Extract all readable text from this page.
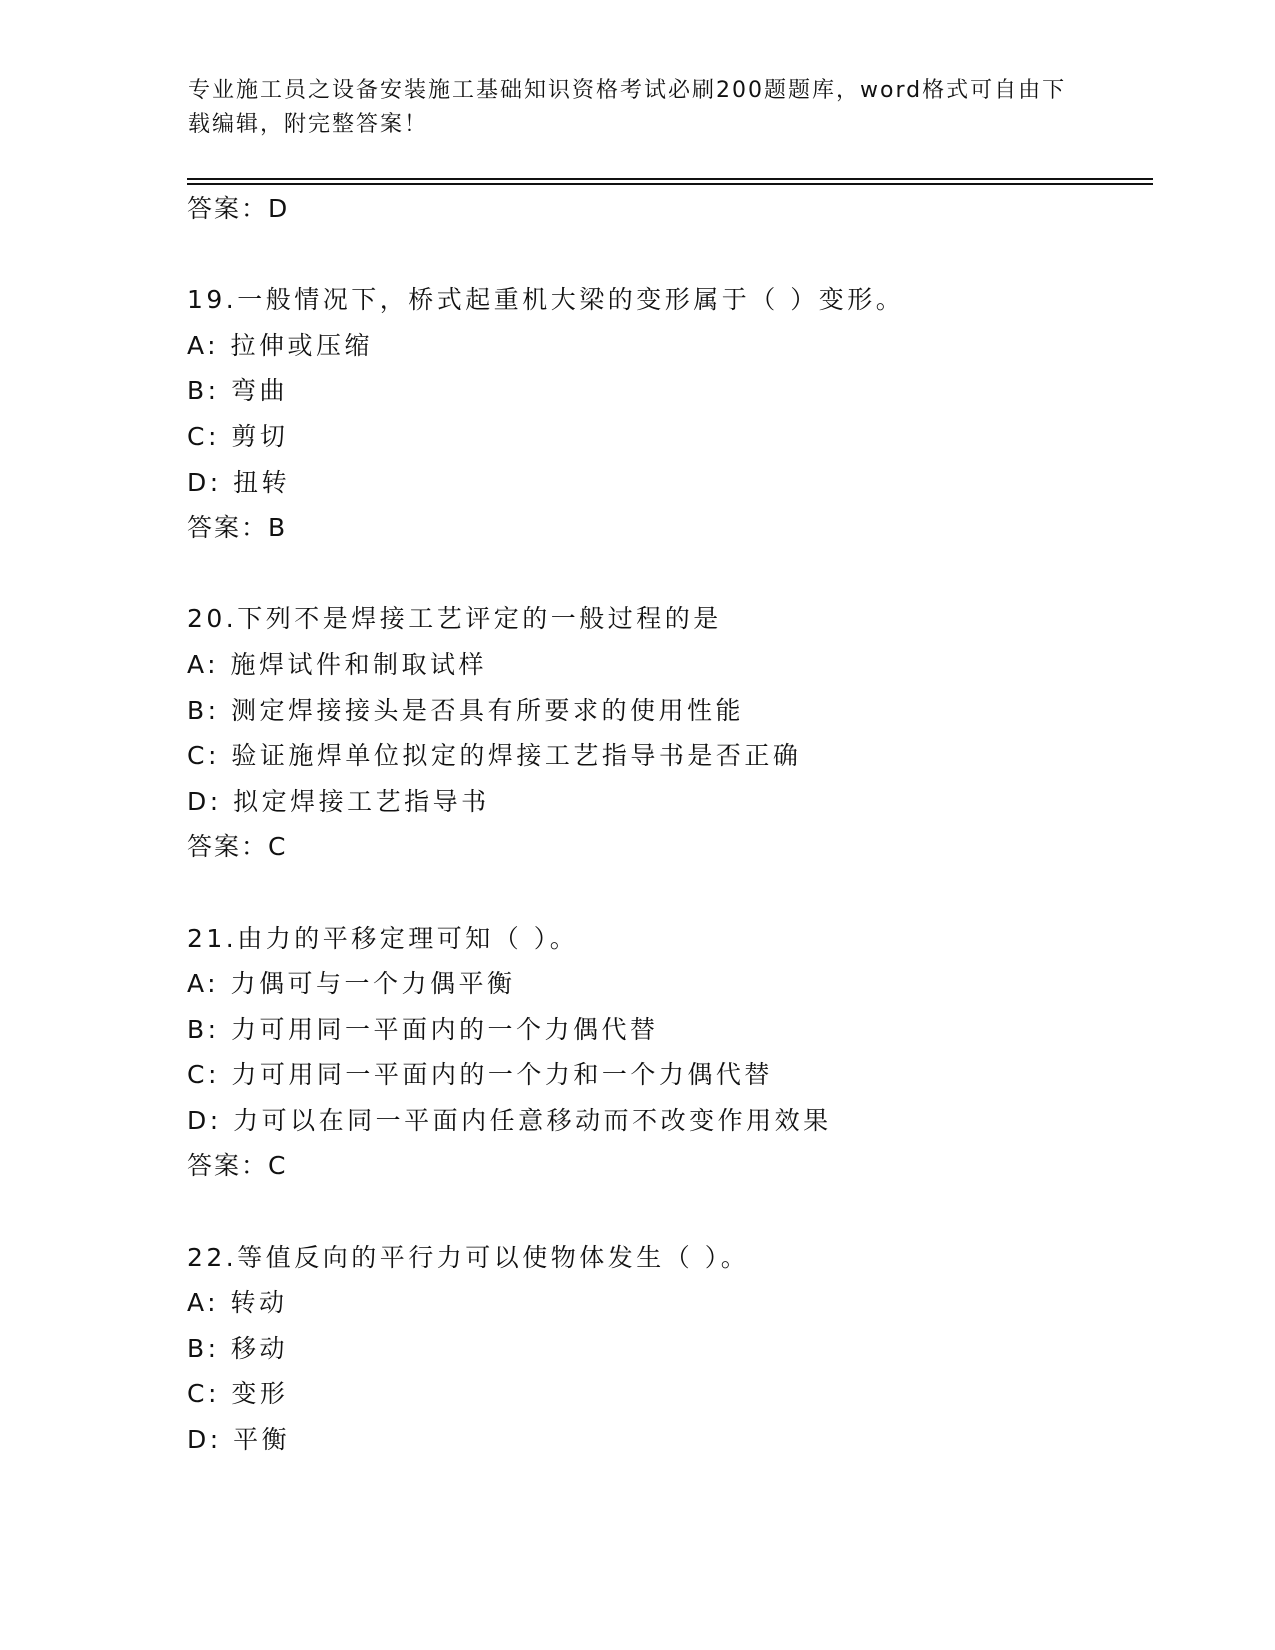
专业施工员之设备安装施工基础知识资格考试必刷200题题库，word格式可自由下载编辑，附完整答案！
答案：D
19.一般情况下，桥式起重机大梁的变形属于（ ）变形。
A: 拉伸或压缩
B: 弯曲
C: 剪切
D: 扭转
答案：B
20.下列不是焊接工艺评定的一般过程的是
A: 施焊试件和制取试样
B: 测定焊接接头是否具有所要求的使用性能
C: 验证施焊单位拟定的焊接工艺指导书是否正确
D: 拟定焊接工艺指导书
答案：C
21.由力的平移定理可知（ ）。
A: 力偶可与一个力偶平衡
B: 力可用同一平面内的一个力偶代替
C: 力可用同一平面内的一个力和一个力偶代替
D: 力可以在同一平面内任意移动而不改变作用效果
答案：C
22.等值反向的平行力可以使物体发生（ ）。
A: 转动
B: 移动
C: 变形
D: 平衡
